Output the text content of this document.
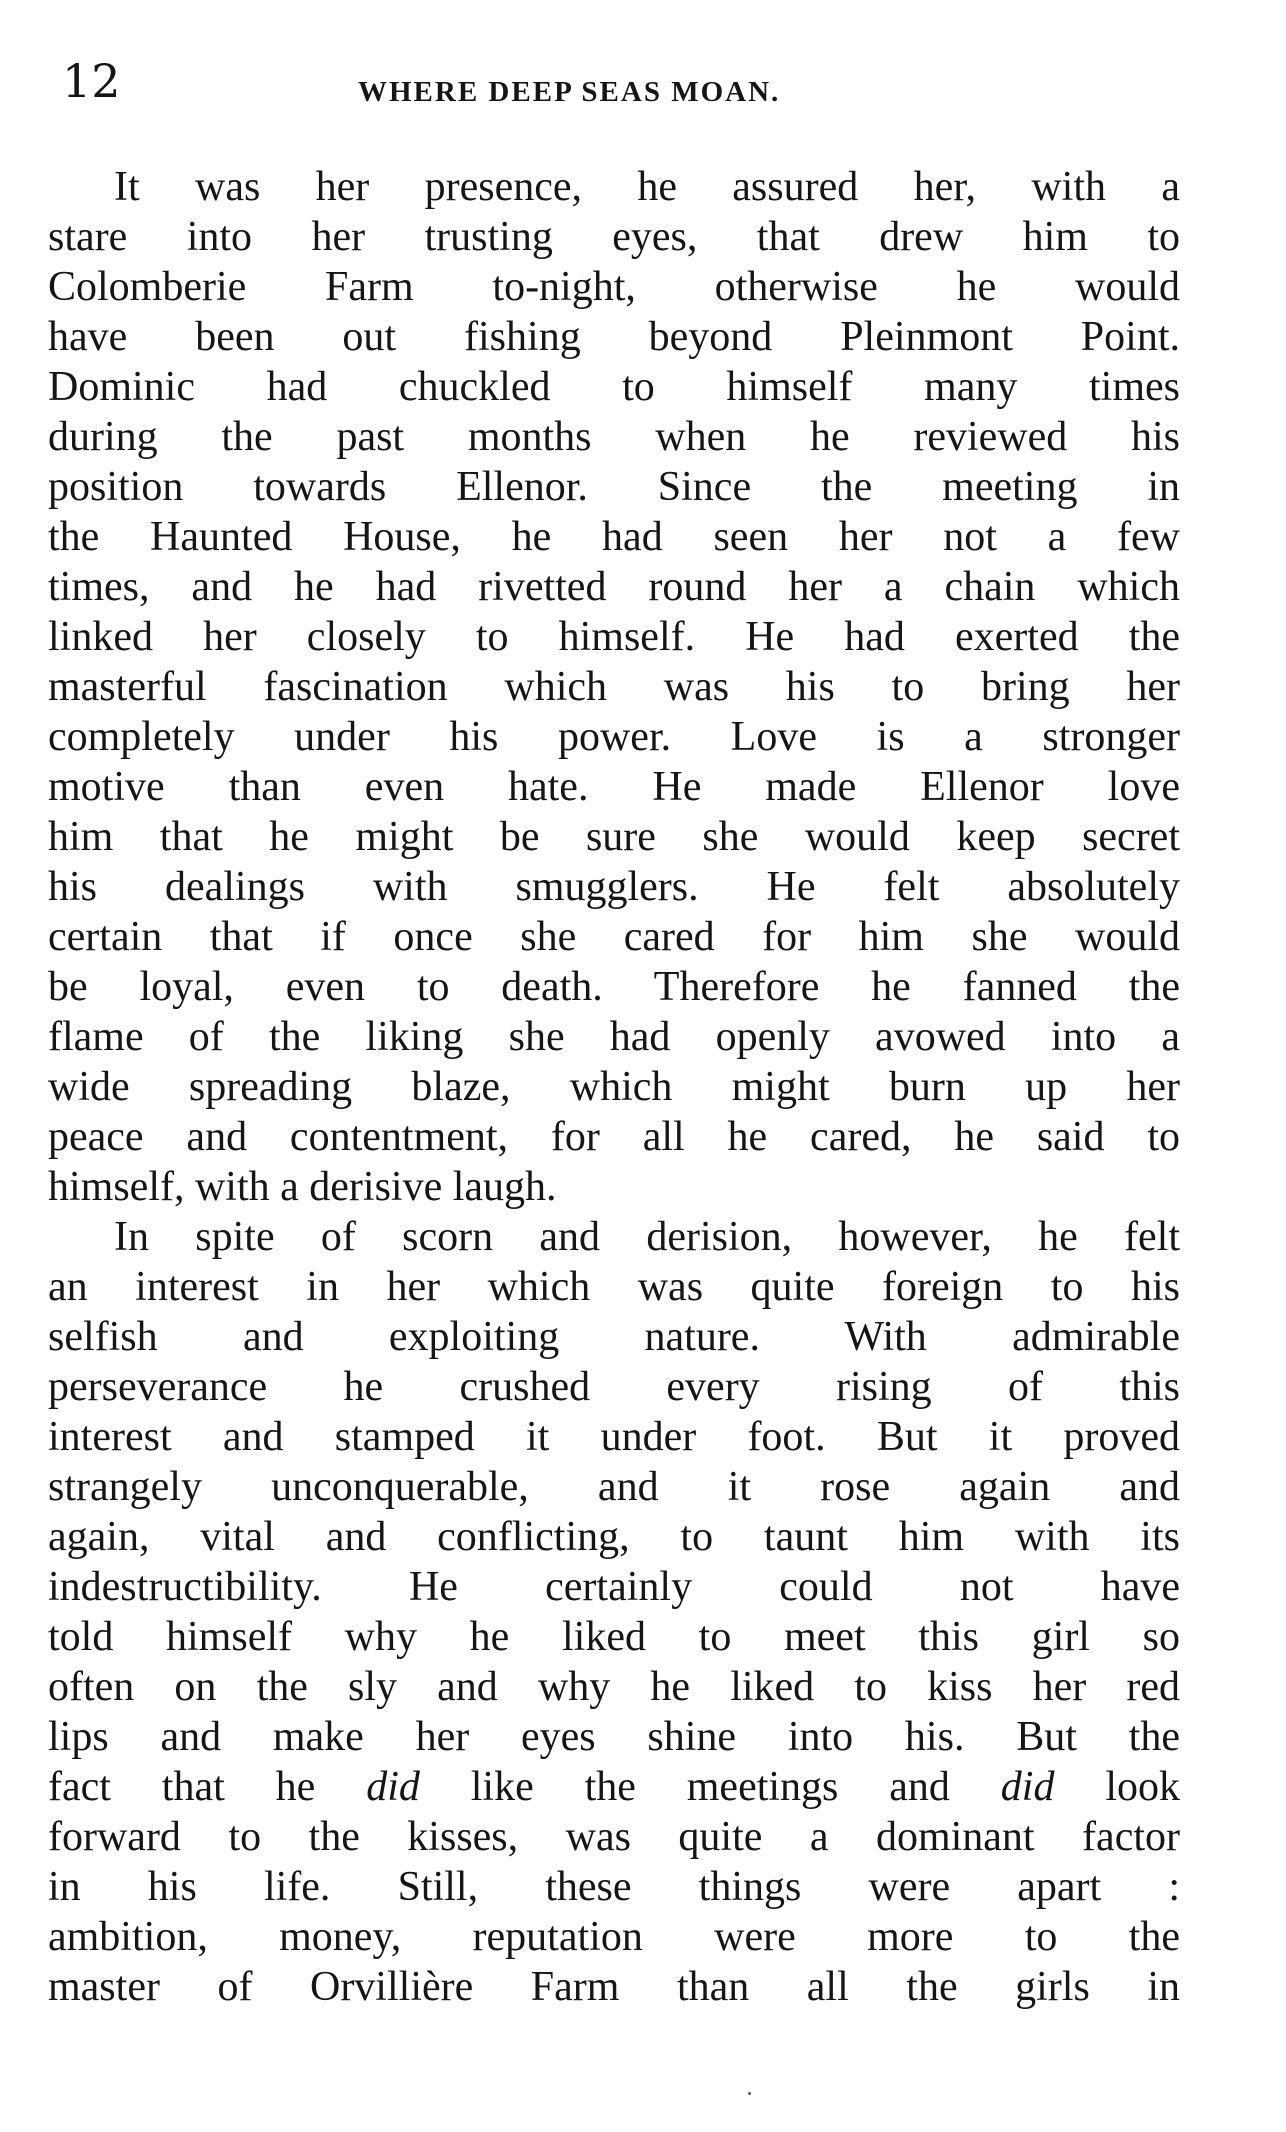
12	WHERE DEEP SEAS MOAN.
It was her presence, he assured her, with a
stare into her trusting eyes, that drew him to
Colomberie Farm to-night, otherwise he would
have been out fishing beyond Pleinmont Point.
Dominic had chuckled to himself many times
during the past months when he reviewed his
position towards Ellenor. Since the meeting in
the Haunted House, he had seen her not a few
times, and he had rivetted round her a chain which
linked her closely to himself. He had exerted the
masterful fascination which was his to bring her
completely under his power. Love is a stronger
motive than even hate. He made Ellenor love
him that he might be sure she would keep secret
his dealings with smugglers. He felt absolutely
certain that if once she cared for him she would
be loyal, even to death. Therefore he fanned the
flame of the liking she had openly avowed into a
wide spreading blaze, which might burn up her
peace and contentment, for all he cared, he said to
himself, with a derisive laugh.
In spite of scorn and derision, however, he felt
an interest in her which was quite foreign to his
selfish and exploiting nature. With admirable
perseverance he crushed every rising of this
interest and stamped it under foot. But it proved
strangely unconquerable, and it rose again and
again, vital and conflicting, to taunt him with its
indestructibility. He certainly could not have
told himself why he liked to meet this girl so
often on the sly and why he liked to kiss her red
lips and make her eyes shine into his. But the
fact that he did like the meetings and did look
forward to the kisses, was quite a dominant factor
in his life. Still, these things were apart :
ambition, money, reputation were more to the
master of Orvillière Farm than all the girls in
